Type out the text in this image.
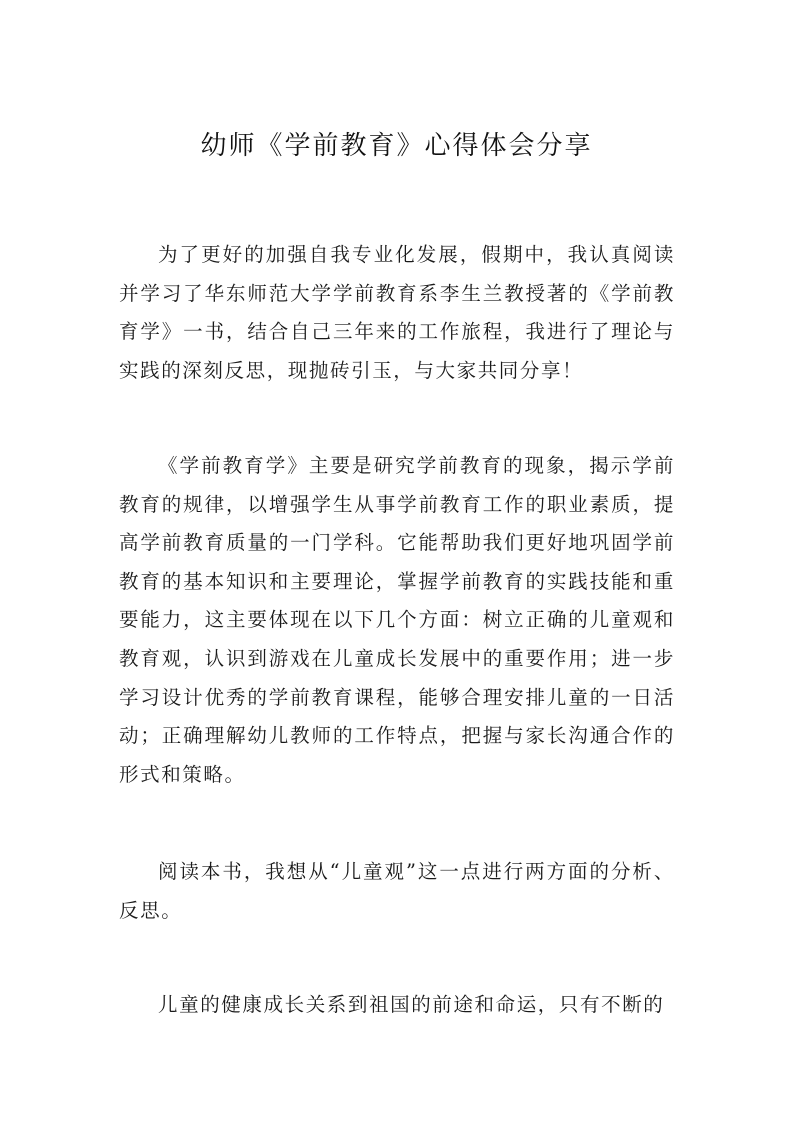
幼师《学前教育》心得体会分享

为了更好的加强自我专业化发展，假期中，我认真阅读并学习了华东师范大学学前教育系李生兰教授著的《学前教育学》一书，结合自己三年来的工作旅程，我进行了理论与实践的深刻反思，现抛砖引玉，与大家共同分享！

《学前教育学》主要是研究学前教育的现象，揭示学前教育的规律，以增强学生从事学前教育工作的职业素质，提高学前教育质量的一门学科。它能帮助我们更好地巩固学前教育的基本知识和主要理论，掌握学前教育的实践技能和重要能力，这主要体现在以下几个方面：树立正确的儿童观和教育观，认识到游戏在儿童成长发展中的重要作用；进一步学习设计优秀的学前教育课程，能够合理安排儿童的一日活动；正确理解幼儿教师的工作特点，把握与家长沟通合作的形式和策略。

阅读本书，我想从“儿童观”这一点进行两方面的分析、反思。

儿童的健康成长关系到祖国的前途和命运，只有不断的
